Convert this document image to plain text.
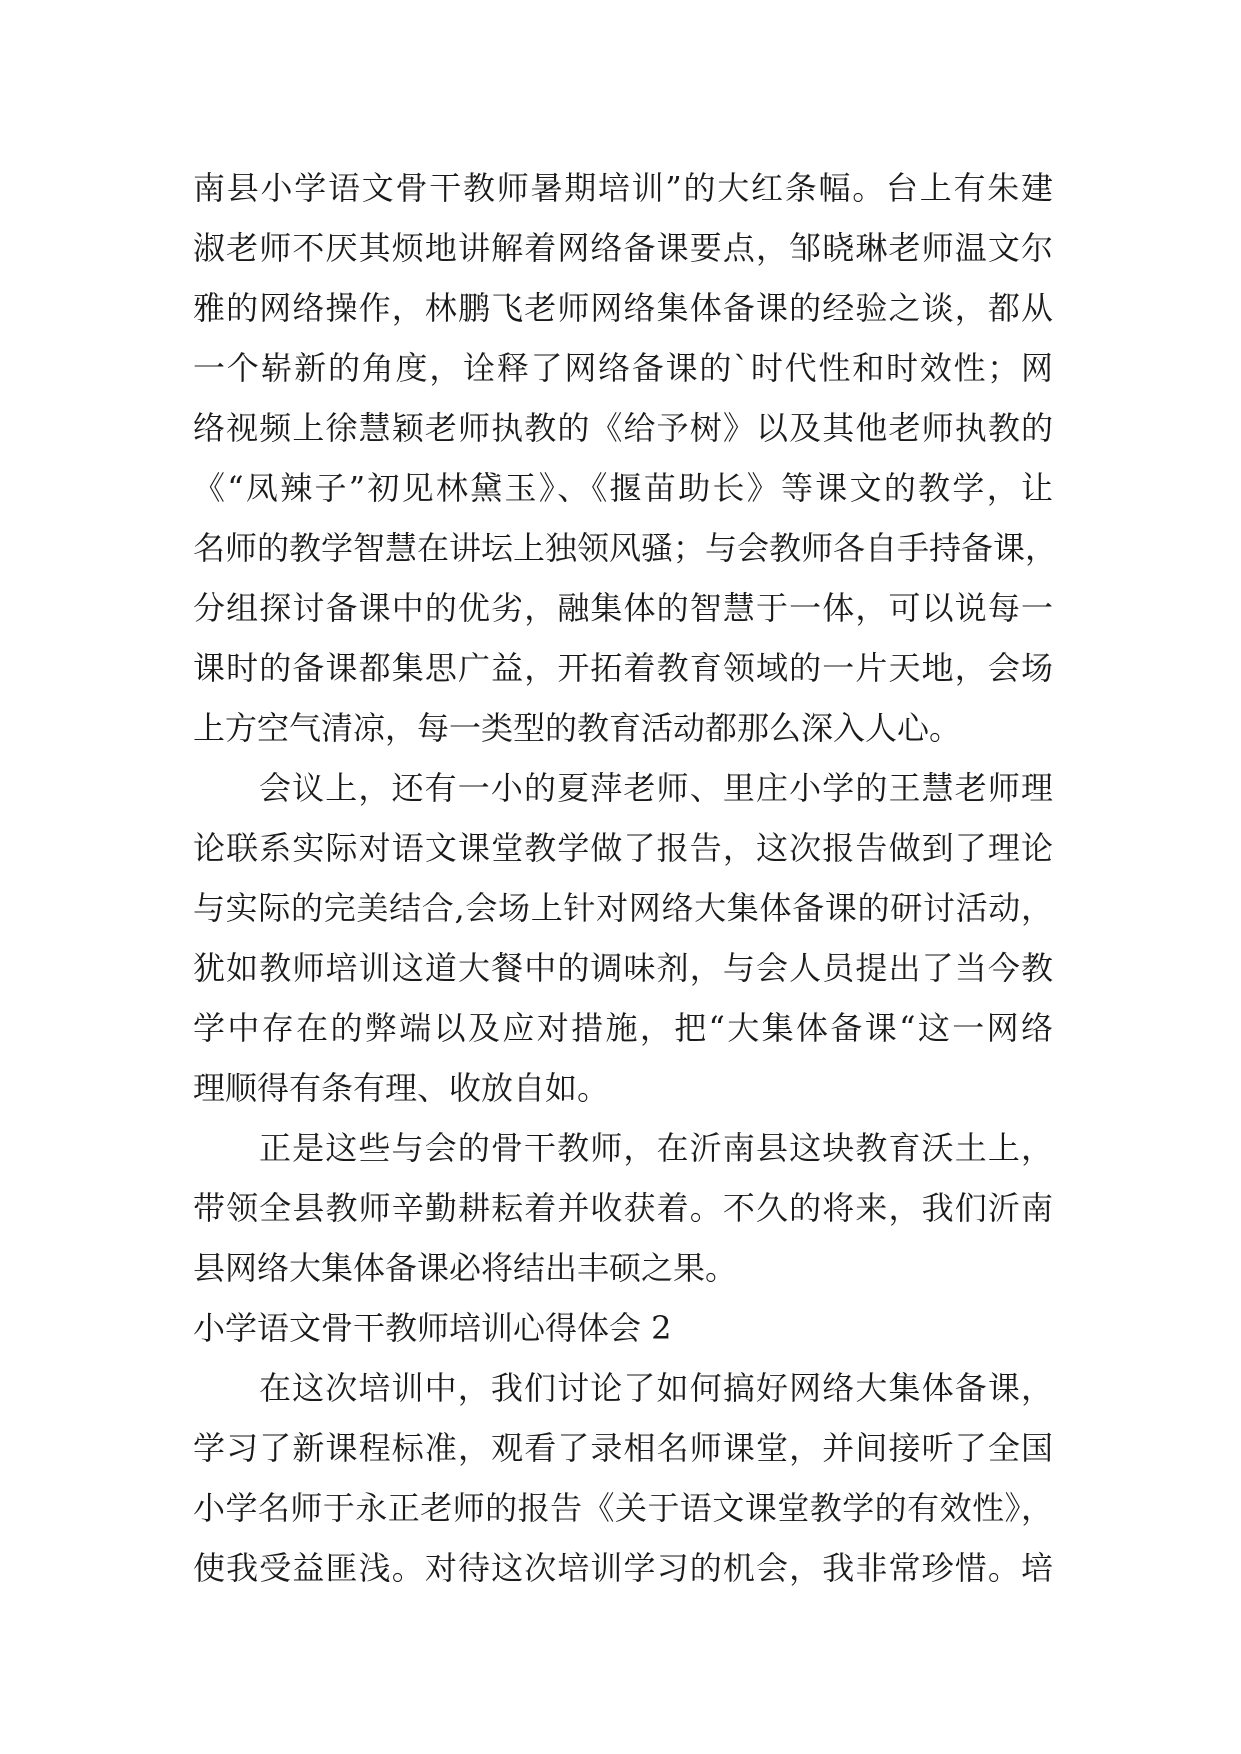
南县小学语文骨干教师暑期培训”的大红条幅。台上有朱建
淑老师不厌其烦地讲解着网络备课要点，邹晓琳老师温文尔
雅的网络操作，林鹏飞老师网络集体备课的经验之谈，都从
一个崭新的角度，诠释了网络备课的`时代性和时效性；网
络视频上徐慧颖老师执教的《给予树》以及其他老师执教的
《“凤辣子”初见林黛玉》、《揠苗助长》等课文的教学，让
名师的教学智慧在讲坛上独领风骚；与会教师各自手持备课，
分组探讨备课中的优劣，融集体的智慧于一体，可以说每一
课时的备课都集思广益，开拓着教育领域的一片天地，会场
上方空气清凉，每一类型的教育活动都那么深入人心。
会议上，还有一小的夏萍老师、里庄小学的王慧老师理
论联系实际对语文课堂教学做了报告，这次报告做到了理论
与实际的完美结合,会场上针对网络大集体备课的研讨活动，
犹如教师培训这道大餐中的调味剂，与会人员提出了当今教
学中存在的弊端以及应对措施，把“大集体备课“这一网络
理顺得有条有理、收放自如。
正是这些与会的骨干教师，在沂南县这块教育沃土上，
带领全县教师辛勤耕耘着并收获着。不久的将来，我们沂南
县网络大集体备课必将结出丰硕之果。
小学语文骨干教师培训心得体会 2
在这次培训中，我们讨论了如何搞好网络大集体备课，
学习了新课程标准，观看了录相名师课堂，并间接听了全国
小学名师于永正老师的报告《关于语文课堂教学的有效性》，
使我受益匪浅。对待这次培训学习的机会，我非常珍惜。培
